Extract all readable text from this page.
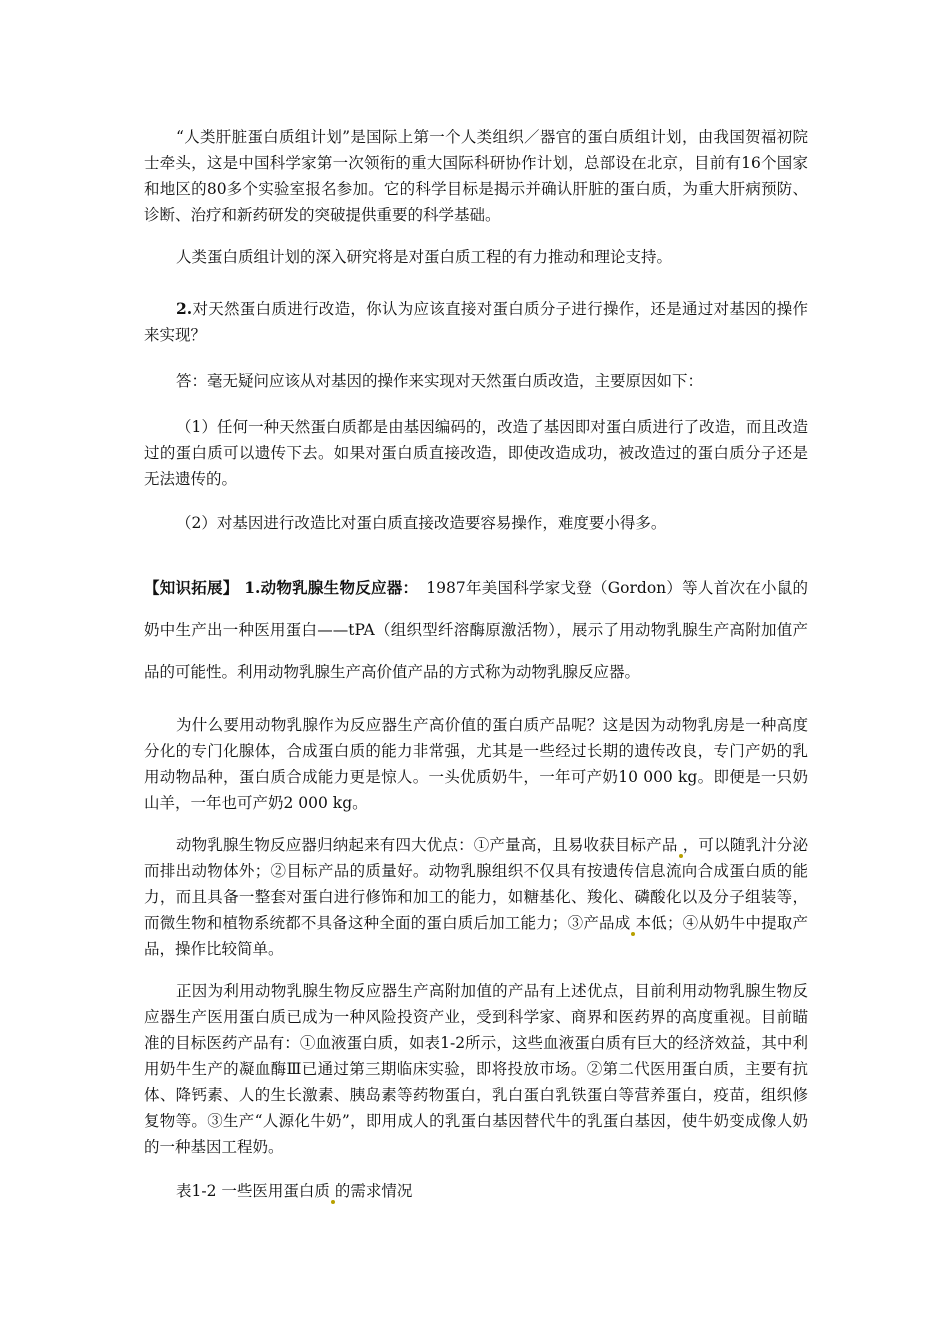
“人类肝脏蛋白质组计划”是国际上第一个人类组织／器官的蛋白质组计划，由我国贺福初院士牵头，这是中国科学家第一次领衔的重大国际科研协作计划，总部设在北京，目前有16个国家和地区的80多个实验室报名参加。它的科学目标是揭示并确认肝脏的蛋白质，为重大肝病预防、诊断、治疗和新药研发的突破提供重要的科学基础。

人类蛋白质组计划的深入研究将是对蛋白质工程的有力推动和理论支持。

2.对天然蛋白质进行改造，你认为应该直接对蛋白质分子进行操作，还是通过对基因的操作来实现？

答：毫无疑问应该从对基因的操作来实现对天然蛋白质改造，主要原因如下：

（1）任何一种天然蛋白质都是由基因编码的，改造了基因即对蛋白质进行了改造，而且改造过的蛋白质可以遗传下去。如果对蛋白质直接改造，即使改造成功，被改造过的蛋白质分子还是无法遗传的。

（2）对基因进行改造比对蛋白质直接改造要容易操作，难度要小得多。

【知识拓展】 1.动物乳腺生物反应器：　1987年美国科学家戈登（Gordon）等人首次在小鼠的奶中生产出一种医用蛋白——tPA（组织型纤溶酶原激活物），展示了用动物乳腺生产高附加值产品的可能性。利用动物乳腺生产高价值产品的方式称为动物乳腺反应器。

为什么要用动物乳腺作为反应器生产高价值的蛋白质产品呢？这是因为动物乳房是一种高度分化的专门化腺体，合成蛋白质的能力非常强，尤其是一些经过长期的遗传改良，专门产奶的乳用动物品种，蛋白质合成能力更是惊人。一头优质奶牛，一年可产奶10 000 kg。即便是一只奶山羊，一年也可产奶2 000 kg。

动物乳腺生物反应器归纳起来有四大优点：①产量高，且易收获目标产品 ，可以随乳汁分泌而排出动物体外；②目标产品的质量好。动物乳腺组织不仅具有按遗传信息流向合成蛋白质的能力，而且具备一整套对蛋白进行修饰和加工的能力，如糖基化、羧化、磷酸化以及分子组装等，而微生物和植物系统都不具备这种全面的蛋白质后加工能力；③产品成 本低；④从奶牛中提取产品，操作比较简单。

正因为利用动物乳腺生物反应器生产高附加值的产品有上述优点，目前利用动物乳腺生物反应器生产医用蛋白质已成为一种风险投资产业，受到科学家、商界和医药界的高度重视。目前瞄准的目标医药产品有：①血液蛋白质，如表1-2所示，这些血液蛋白质有巨大的经济效益，其中利用奶牛生产的凝血酶Ⅲ已通过第三期临床实验，即将投放市场。②第二代医用蛋白质，主要有抗体、降钙素、人的生长激素、胰岛素等药物蛋白，乳白蛋白乳铁蛋白等营养蛋白，疫苗，组织修复物等。③生产“人源化牛奶”，即用成人的乳蛋白基因替代牛的乳蛋白基因，使牛奶变成像人奶的一种基因工程奶。

表1-2 一些医用蛋白质 的需求情况
